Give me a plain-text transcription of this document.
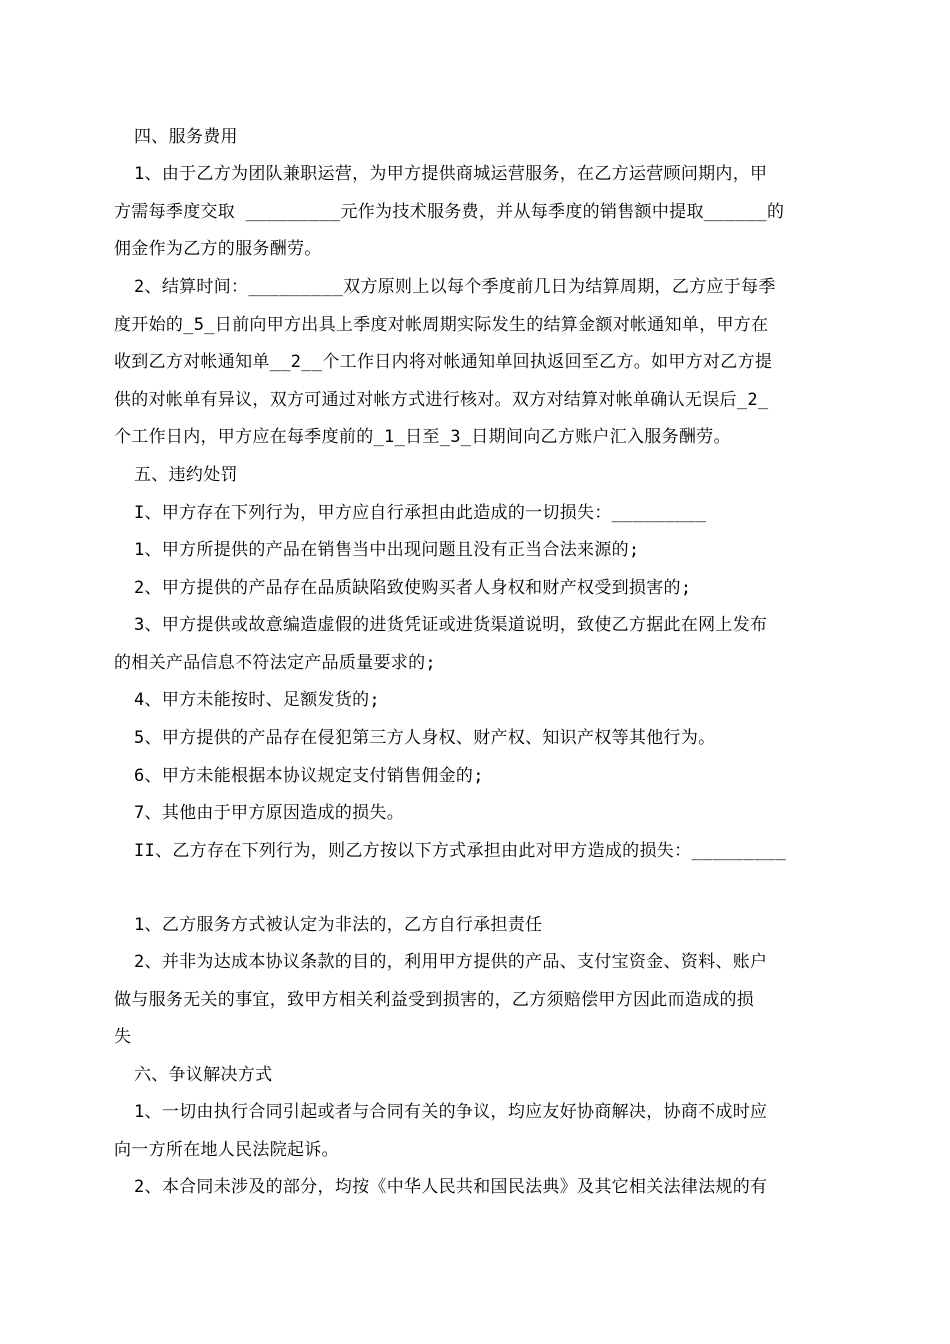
四、服务费用
1、由于乙方为团队兼职运营，为甲方提供商城运营服务，在乙方运营顾问期内，甲
方需每季度交取 _________元作为技术服务费，并从每季度的销售额中提取______的
佣金作为乙方的服务酬劳。
2、结算时间：_________双方原则上以每个季度前几日为结算周期，乙方应于每季
度开始的_5_日前向甲方出具上季度对帐周期实际发生的结算金额对帐通知单，甲方在
收到乙方对帐通知单__2__个工作日内将对帐通知单回执返回至乙方。如甲方对乙方提
供的对帐单有异议，双方可通过对帐方式进行核对。双方对结算对帐单确认无误后_2_
个工作日内，甲方应在每季度前的_1_日至_3_日期间向乙方账户汇入服务酬劳。
五、违约处罚
I、甲方存在下列行为，甲方应自行承担由此造成的一切损失：_________
1、甲方所提供的产品在销售当中出现问题且没有正当合法来源的;
2、甲方提供的产品存在品质缺陷致使购买者人身权和财产权受到损害的;
3、甲方提供或故意编造虚假的进货凭证或进货渠道说明，致使乙方据此在网上发布
的相关产品信息不符法定产品质量要求的;
4、甲方未能按时、足额发货的;
5、甲方提供的产品存在侵犯第三方人身权、财产权、知识产权等其他行为。
6、甲方未能根据本协议规定支付销售佣金的;
7、其他由于甲方原因造成的损失。
II、乙方存在下列行为，则乙方按以下方式承担由此对甲方造成的损失：_________
1、乙方服务方式被认定为非法的，乙方自行承担责任
2、并非为达成本协议条款的目的，利用甲方提供的产品、支付宝资金、资料、账户
做与服务无关的事宜，致甲方相关利益受到损害的，乙方须赔偿甲方因此而造成的损
失
六、争议解决方式
1、一切由执行合同引起或者与合同有关的争议，均应友好协商解决，协商不成时应
向一方所在地人民法院起诉。
2、本合同未涉及的部分，均按《中华人民共和国民法典》及其它相关法律法规的有
